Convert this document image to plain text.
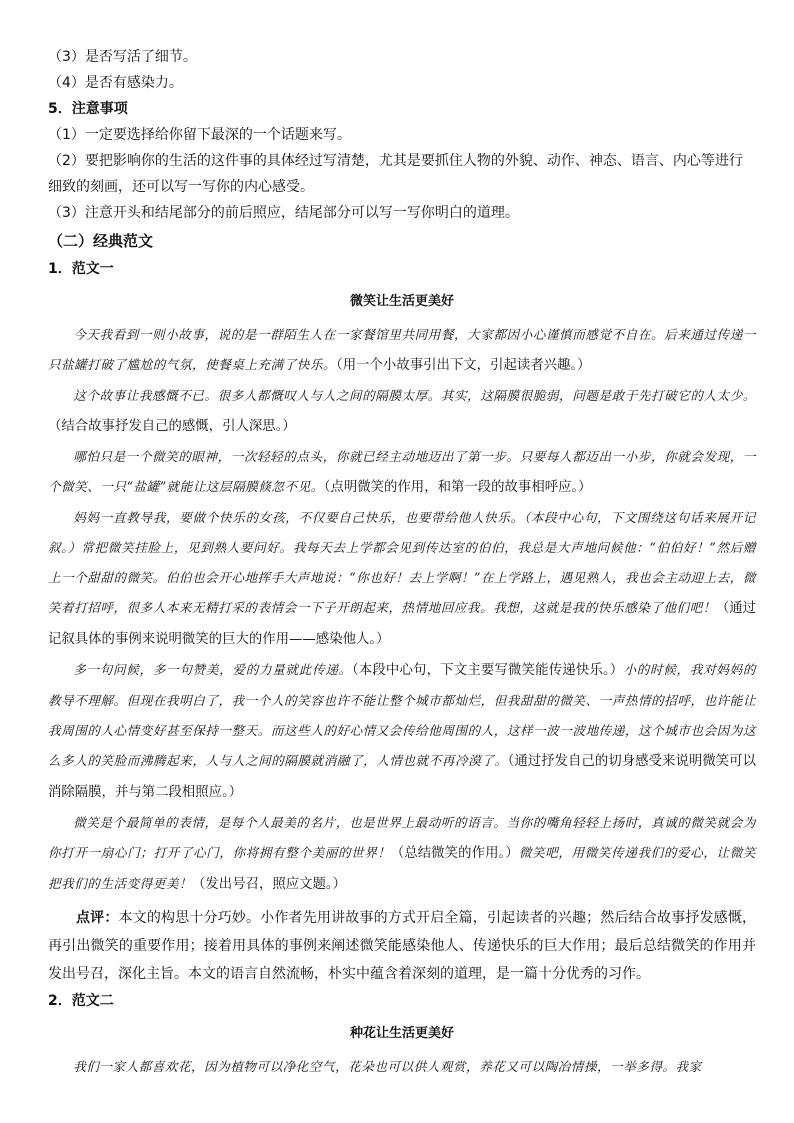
（3）是否写活了细节。

（4）是否有感染力。

5．注意事项

（1）一定要选择给你留下最深的一个话题来写。

（2）要把影响你的生活的这件事的具体经过写清楚，尤其是要抓住人物的外貌、动作、神态、语言、内心等进行

细致的刻画，还可以写一写你的内心感受。

（3）注意开头和结尾部分的前后照应，结尾部分可以写一写你明白的道理。

（二）经典范文

1．范文一

微笑让生活更美好

今天我看到一则小故事，说的是一群陌生人在一家餐馆里共同用餐，大家都因小心谨慎而感觉不自在。后来通过传递一只盐罐打破了尴尬的气氛，使餐桌上充满了快乐。（用一个小故事引出下文，引起读者兴趣。）

这个故事让我感慨不已。很多人都慨叹人与人之间的隔膜太厚。其实，这隔膜很脆弱，问题是敢于先打破它的人太少。（结合故事抒发自己的感慨，引人深思。）

哪怕只是一个微笑的眼神，一次轻轻的点头，你就已经主动地迈出了第一步。只要每人都迈出一小步，你就会发现，一个微笑、一只“盐罐”就能让这层隔膜倏忽不见。（点明微笑的作用，和第一段的故事相呼应。）

妈妈一直教导我，要做个快乐的女孩，不仅要自己快乐，也要带给他人快乐。（本段中心句，下文围绕这句话来展开记叙。）常把微笑挂脸上，见到熟人要问好。我每天去上学都会见到传达室的伯伯，我总是大声地问候他：“伯伯好！”然后赠上一个甜甜的微笑。伯伯也会开心地挥手大声地说：“你也好！去上学啊！”在上学路上，遇见熟人，我也会主动迎上去，微笑着打招呼，很多人本来无精打采的表情会一下子开朗起来，热情地回应我。我想，这就是我的快乐感染了他们吧！（通过记叙具体的事例来说明微笑的巨大的作用——感染他人。）

多一句问候，多一句赞美，爱的力量就此传递。（本段中心句，下文主要写微笑能传递快乐。）小的时候，我对妈妈的教导不理解。但现在我明白了，我一个人的笑容也许不能让整个城市都灿烂，但我甜甜的微笑、一声热情的招呼，也许能让我周围的人心情变好甚至保持一整天。而这些人的好心情又会传给他周围的人，这样一波一波地传递，这个城市也会因为这么多人的笑脸而沸腾起来，人与人之间的隔膜就消融了，人情也就不再冷漠了。（通过抒发自己的切身感受来说明微笑可以消除隔膜，并与第二段相照应。）

微笑是个最简单的表情，是每个人最美的名片，也是世界上最动听的语言。当你的嘴角轻轻上扬时，真诚的微笑就会为你打开一扇心门；打开了心门，你将拥有整个美丽的世界！（总结微笑的作用。）微笑吧，用微笑传递我们的爱心，让微笑把我们的生活变得更美！（发出号召，照应文题。）

点评：本文的构思十分巧妙。小作者先用讲故事的方式开启全篇，引起读者的兴趣；然后结合故事抒发感慨，再引出微笑的重要作用；接着用具体的事例来阐述微笑能感染他人、传递快乐的巨大作用；最后总结微笑的作用并发出号召，深化主旨。本文的语言自然流畅，朴实中蕴含着深刻的道理，是一篇十分优秀的习作。

2．范文二

种花让生活更美好

我们一家人都喜欢花，因为植物可以净化空气，花朵也可以供人观赏，养花又可以陶冶情操，一举多得。我家
